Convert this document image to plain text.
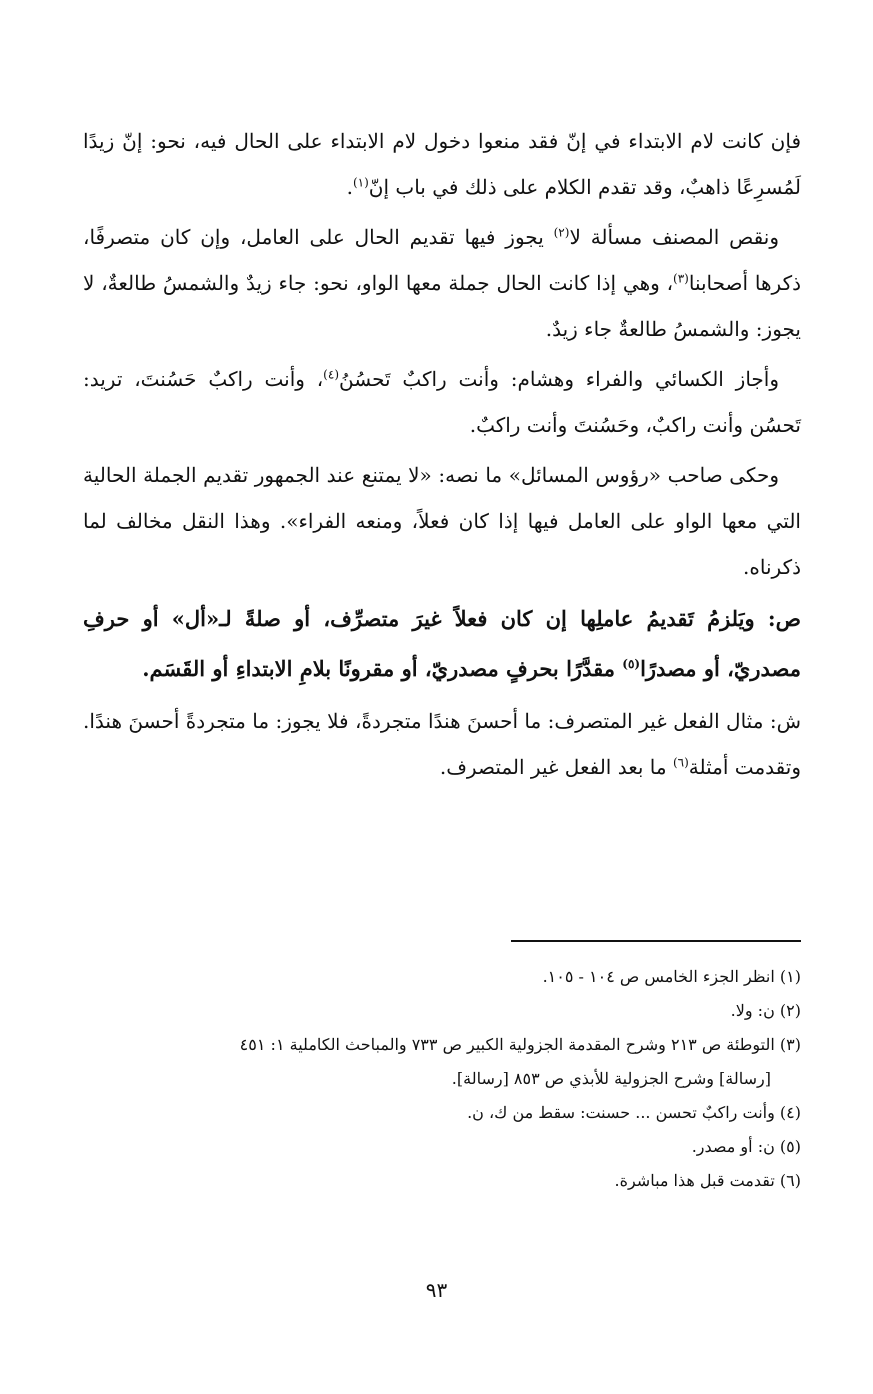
فإن كانت لام الابتداء في إنّ فقد منعوا دخول لام الابتداء على الحال فيه، نحو: إنّ زيدًا لَمُسرِعًا ذاهبٌ، وقد تقدم الكلام على ذلك في باب إنّ$^{(١)}$.

ونقص المصنف مسألة لا$^{(٢)}$ يجوز فيها تقديم الحال على العامل، وإن كان متصرفًا، ذكرها أصحابنا$^{(٣)}$، وهي إذا كانت الحال جملة معها الواو، نحو: جاء زيدٌ والشمسُ طالعةٌ، لا يجوز: والشمسُ طالعةٌ جاء زيدٌ.

وأجاز الكسائي والفراء وهشام: وأنت راكبٌ تَحسُنُ$^{(٤)}$، وأنت راكبٌ حَسُنتَ، تريد: تَحسُن وأنت راكبٌ، وحَسُنتَ وأنت راكبٌ.

وحكى صاحب «رؤوس المسائل» ما نصه: «لا يمتنع عند الجمهور تقديم الجملة الحالية التي معها الواو على العامل فيها إذا كان فعلاً، ومنعه الفراء». وهذا النقل مخالف لما ذكرناه.

ص: ويَلزمُ تَقديمُ عاملِها إن كان فعلاً غيرَ متصرِّف، أو صلةً لـ«أل» أو حرفِ مصدريّ، أو مصدرًا$^{(٥)}$ مقدَّرًا بحرفٍ مصدريّ، أو مقرونًا بلامِ الابتداءِ أو القَسَم.

ش: مثال الفعل غير المتصرف: ما أحسنَ هندًا متجردةً، فلا يجوز: ما متجردةً أحسنَ هندًا. وتقدمت أمثلة$^{(٦)}$ ما بعد الفعل غير المتصرف.

(١) انظر الجزء الخامس ص ١٠٤ - ١٠٥.

(٢) ن: ولا.

(٣) التوطئة ص ٢١٣ وشرح المقدمة الجزولية الكبير ص ٧٣٣ والمباحث الكاملية ١: ٤٥١

[رسالة] وشرح الجزولية للأبذي ص ٨٥٣ [رسالة].

(٤) وأنت راكبٌ تحسن ... حسنت: سقط من ك، ن.

(٥) ن: أو مصدر.

(٦) تقدمت قبل هذا مباشرة.

٩٣
